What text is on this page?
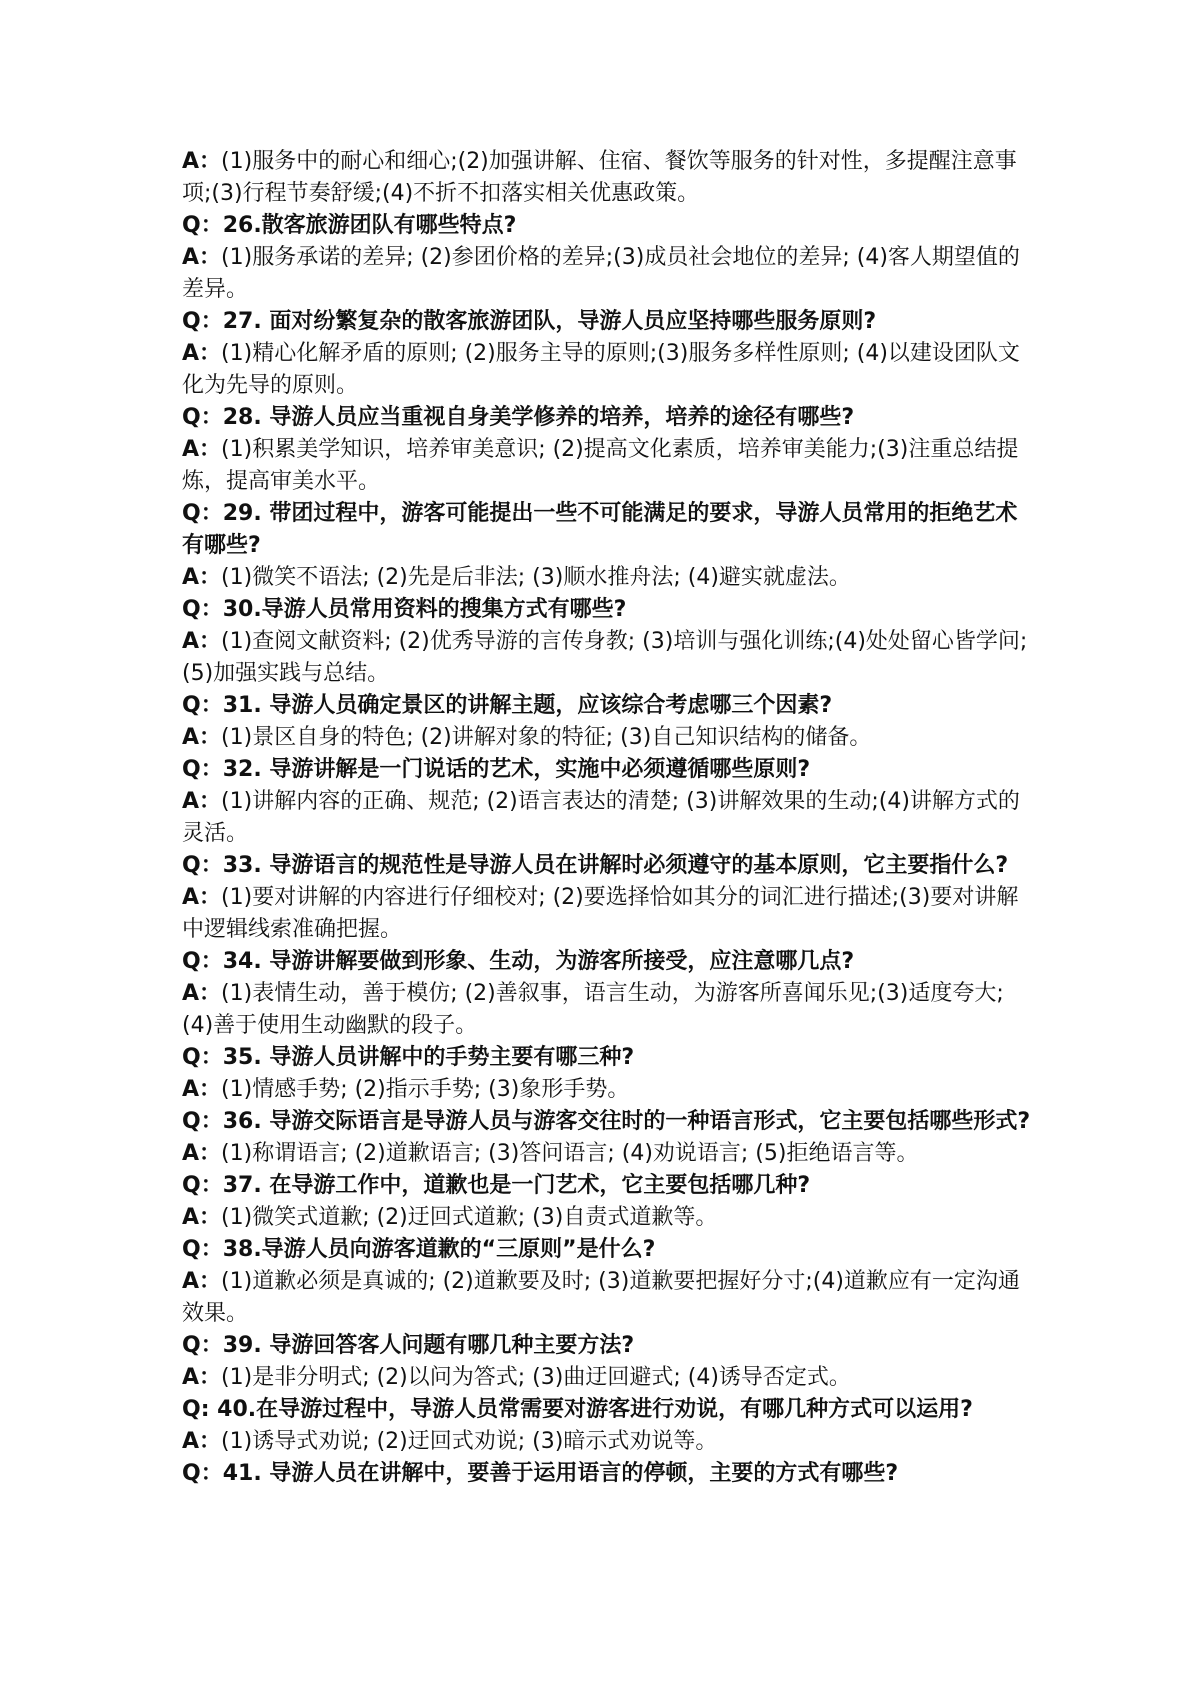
A：(1)服务中的耐心和细心;(2)加强讲解、住宿、餐饮等服务的针对性，多提醒注意事项;(3)行程节奏舒缓;(4)不折不扣落实相关优惠政策。

Q：26.散客旅游团队有哪些特点?

A：(1)服务承诺的差异; (2)参团价格的差异;(3)成员社会地位的差异; (4)客人期望值的差异。

Q：27. 面对纷繁复杂的散客旅游团队，导游人员应坚持哪些服务原则?

A：(1)精心化解矛盾的原则; (2)服务主导的原则;(3)服务多样性原则; (4)以建设团队文化为先导的原则。

Q：28. 导游人员应当重视自身美学修养的培养，培养的途径有哪些?

A：(1)积累美学知识，培养审美意识; (2)提高文化素质，培养审美能力;(3)注重总结提炼，提高审美水平。

Q：29. 带团过程中，游客可能提出一些不可能满足的要求，导游人员常用的拒绝艺术有哪些?

A：(1)微笑不语法; (2)先是后非法; (3)顺水推舟法; (4)避实就虚法。

Q：30.导游人员常用资料的搜集方式有哪些?

A：(1)查阅文献资料; (2)优秀导游的言传身教; (3)培训与强化训练;(4)处处留心皆学问; (5)加强实践与总结。

Q：31. 导游人员确定景区的讲解主题，应该综合考虑哪三个因素?

A：(1)景区自身的特色; (2)讲解对象的特征; (3)自己知识结构的储备。

Q：32. 导游讲解是一门说话的艺术，实施中必须遵循哪些原则?

A：(1)讲解内容的正确、规范; (2)语言表达的清楚; (3)讲解效果的生动;(4)讲解方式的灵活。

Q：33. 导游语言的规范性是导游人员在讲解时必须遵守的基本原则，它主要指什么?

A：(1)要对讲解的内容进行仔细校对; (2)要选择恰如其分的词汇进行描述;(3)要对讲解中逻辑线索准确把握。

Q：34. 导游讲解要做到形象、生动，为游客所接受，应注意哪几点?

A：(1)表情生动，善于模仿; (2)善叙事，语言生动，为游客所喜闻乐见;(3)适度夸大; (4)善于使用生动幽默的段子。

Q：35. 导游人员讲解中的手势主要有哪三种?

A：(1)情感手势; (2)指示手势; (3)象形手势。

Q：36. 导游交际语言是导游人员与游客交往时的一种语言形式，它主要包括哪些形式?

A：(1)称谓语言; (2)道歉语言; (3)答问语言; (4)劝说语言; (5)拒绝语言等。

Q：37. 在导游工作中，道歉也是一门艺术，它主要包括哪几种?

A：(1)微笑式道歉; (2)迂回式道歉; (3)自责式道歉等。

Q：38.导游人员向游客道歉的“三原则”是什么?

A：(1)道歉必须是真诚的; (2)道歉要及时; (3)道歉要把握好分寸;(4)道歉应有一定沟通效果。

Q：39. 导游回答客人问题有哪几种主要方法?

A：(1)是非分明式; (2)以问为答式; (3)曲迂回避式; (4)诱导否定式。

Q: 40.在导游过程中，导游人员常需要对游客进行劝说，有哪几种方式可以运用?

A：(1)诱导式劝说; (2)迂回式劝说; (3)暗示式劝说等。

Q：41. 导游人员在讲解中，要善于运用语言的停顿，主要的方式有哪些?
